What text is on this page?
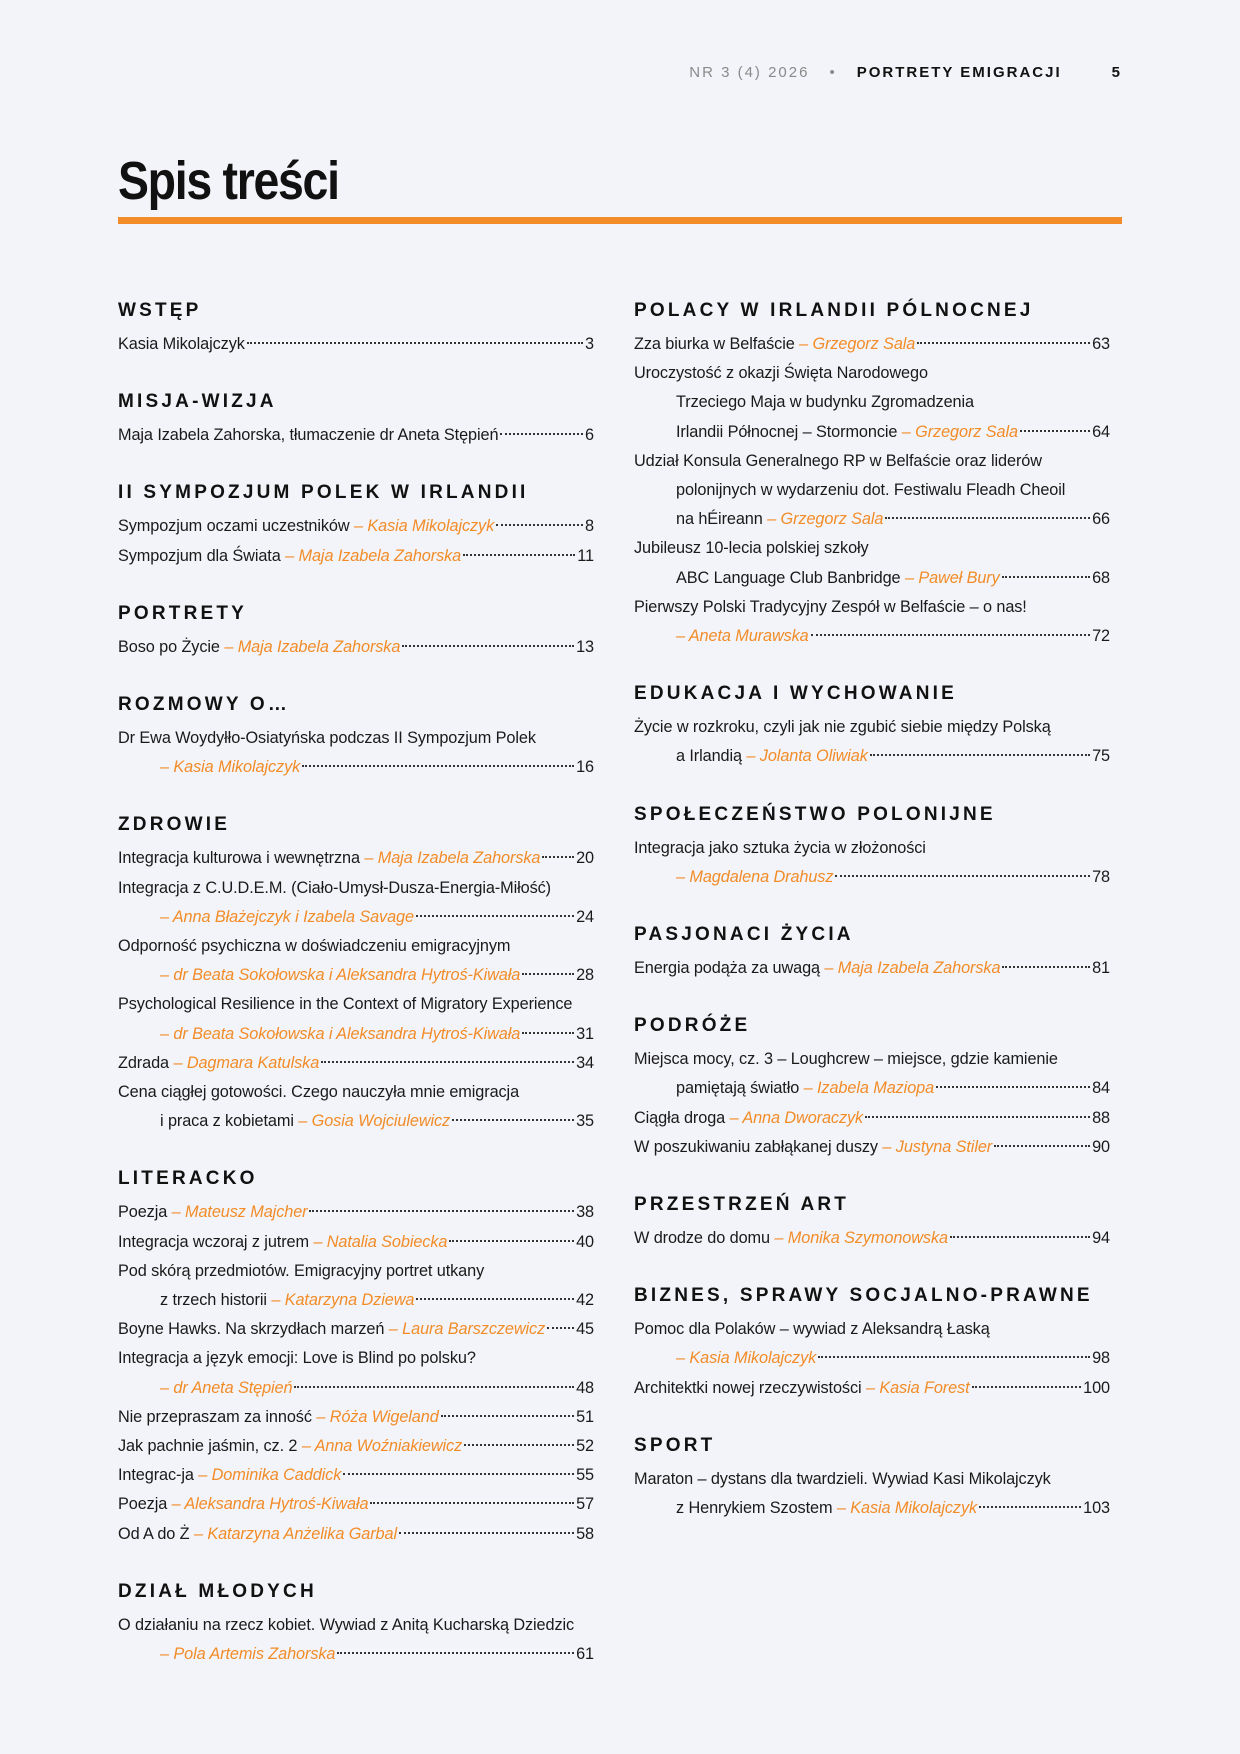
NR 3 (4) 2026 • PORTRETY EMIGRACJI	5
Spis treści
WSTĘP
Kasia Mikolajczyk	3
MISJA-WIZJA
Maja Izabela Zahorska, tłumaczenie dr Aneta Stępień	6
II SYMPOZJUM POLEK W IRLANDII
Sympozjum oczami uczestników
– Kasia Mikolajczyk	8
Sympozjum dla Świata
– Maja Izabela Zahorska	11
PORTRETY
Boso po Życie
– Maja Izabela Zahorska	13
ROZMOWY O…
Dr Ewa Woydyłło-Osiatyńska podczas II Sympozjum Polek
– Kasia Mikolajczyk	16
ZDROWIE
Integracja kulturowa i wewnętrzna
– Maja Izabela Zahorska 20
Integracja z C.U.D.E.M. (Ciało-Umysł-Dusza-Energia-Miłość)
– Anna Błażejczyk i Izabela Savage	24
Odporność psychiczna w doświadczeniu emigracyjnym
– dr Beata Sokołowska i Aleksandra Hytroś-Kiwała	28
Psychological Resilience in the Context of Migratory Experience
– dr Beata Sokołowska i Aleksandra Hytroś-Kiwała	31
Zdrada
– Dagmara Katulska	34
Cena ciągłej gotowości. Czego nauczyła mnie emigracja
i praca z kobietami
– Gosia Wojciulewicz	35
LITERACKO
Poezja
– Mateusz Majcher	38
Integracja wczoraj z jutrem
– Natalia Sobiecka	40
Pod skórą przedmiotów. Emigracyjny portret utkany
z trzech historii
– Katarzyna Dziewa	42
Boyne Hawks. Na skrzydłach marzeń
– Laura Barszczewicz 45
Integracja a język emocji: Love is Blind po polsku?
– dr Aneta Stępień	48
Nie przepraszam za inność
– Róża Wigeland	51
Jak pachnie jaśmin, cz. 2
– Anna Woźniakiewicz	52
Integrac-ja
– Dominika Caddick	55
Poezja
– Aleksandra Hytroś-Kiwała	57
Od A do Ż
– Katarzyna Anżelika Garbal	58
DZIAŁ MŁODYCH
O działaniu na rzecz kobiet. Wywiad z Anitą Kucharską Dziedzic
– Pola Artemis Zahorska	61
POLACY W IRLANDII PÓLNOCNEJ
Zza biurka w Belfaście
– Grzegorz Sala	63
Uroczystość z okazji Święta Narodowego
Trzeciego Maja w budynku Zgromadzenia
Irlandii Północnej – Stormoncie
– Grzegorz Sala	64
Udział Konsula Generalnego RP w Belfaście oraz liderów
polonijnych w wydarzeniu dot. Festiwalu Fleadh Cheoil
na hÉireann
– Grzegorz Sala	66
Jubileusz 10-lecia polskiej szkoły
ABC Language Club Banbridge
– Paweł Bury	68
Pierwszy Polski Tradycyjny Zespół w Belfaście – o nas!
– Aneta Murawska	72
EDUKACJA I WYCHOWANIE
Życie w rozkroku, czyli jak nie zgubić siebie między Polską
a Irlandią
– Jolanta Oliwiak	75
SPOŁECZEŃSTWO POLONIJNE
Integracja jako sztuka życia w złożoności
– Magdalena Drahusz	78
PASJONACI ŻYCIA
Energia podąża za uwagą
– Maja Izabela Zahorska	81
PODRÓŻE
Miejsca mocy, cz. 3 – Loughcrew – miejsce, gdzie kamienie
pamiętają światło
– Izabela Maziopa	84
Ciągła droga
– Anna Dworaczyk	88
W poszukiwaniu zabłąkanej duszy
– Justyna Stiler	90
PRZESTRZEŃ ART
W drodze do domu
– Monika Szymonowska	94
BIZNES, SPRAWY SOCJALNO-PRAWNE
Pomoc dla Polaków – wywiad z Aleksandrą Łaską
– Kasia Mikolajczyk	98
Architektki nowej rzeczywistości
– Kasia Forest	100
SPORT
Maraton – dystans dla twardzieli. Wywiad Kasi Mikolajczyk
z Henrykiem Szostem
– Kasia Mikolajczyk	103
